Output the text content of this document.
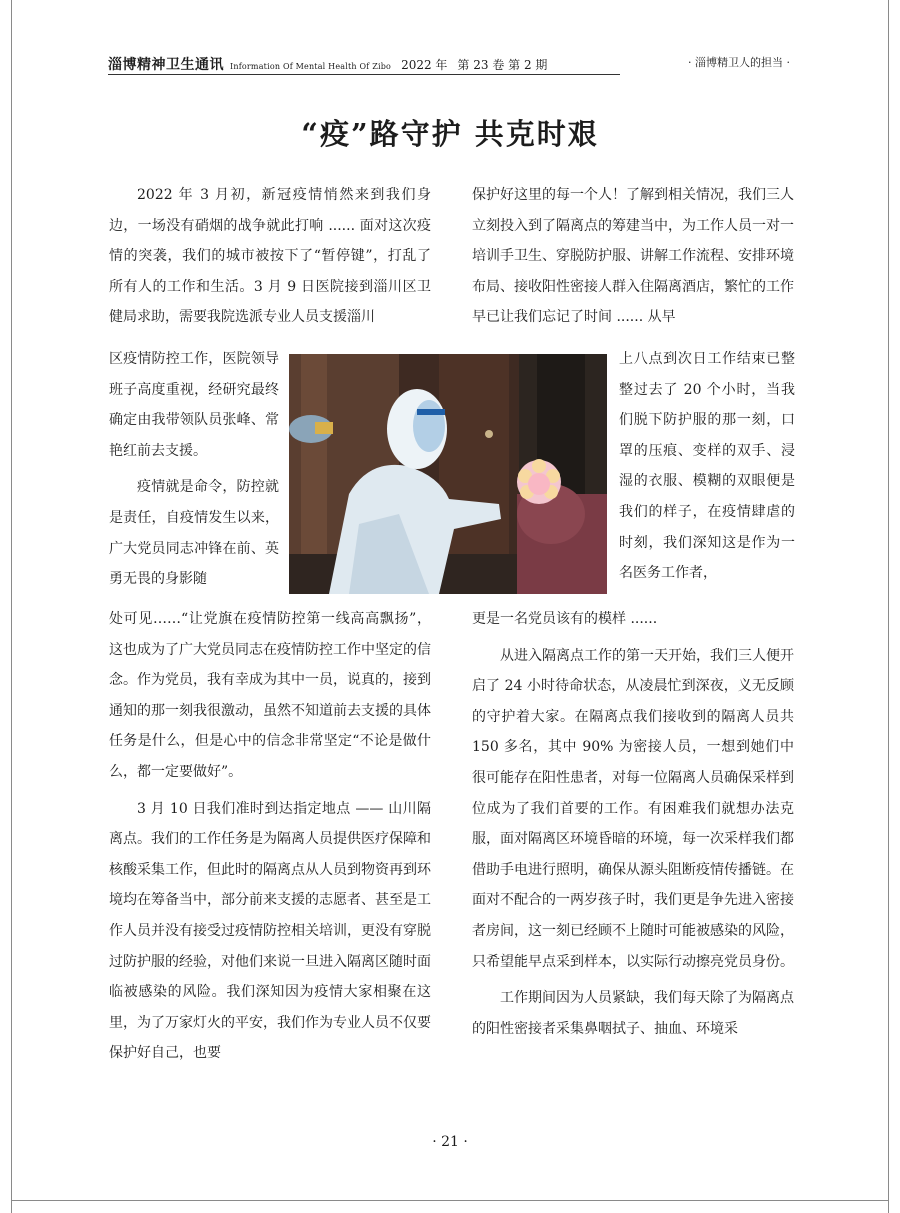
淄博精神卫生通讯 Information Of Mental Health Of Zibo 2022 年 第 23 卷 第 2 期	· 淄博精卫人的担当 ·
“疫”路守护 共克时艰

2022 年 3 月初，新冠疫情悄然来到我们身边，一场没有硝烟的战争就此打响 ...... 面对这次疫情的突袭，我们的城市被按下了“暂停键”，打乱了所有人的工作和生活。3 月 9 日医院接到淄川区卫健局求助，需要我院选派专业人员支援淄川

区疫情防控工作，医院领导班子高度重视，经研究最终确定由我带领队员张峰、常艳红前去支援。

疫情就是命令，防控就是责任，自疫情发生以来，广大党员同志冲锋在前、英勇无畏的身影随

处可见……“让党旗在疫情防控第一线高高飘扬”，这也成为了广大党员同志在疫情防控工作中坚定的信念。作为党员，我有幸成为其中一员，说真的，接到通知的那一刻我很激动，虽然不知道前去支援的具体任务是什么，但是心中的信念非常坚定“不论是做什么，都一定要做好”。

3 月 10 日我们准时到达指定地点 —— 山川隔离点。我们的工作任务是为隔离人员提供医疗保障和核酸采集工作，但此时的隔离点从人员到物资再到环境均在筹备当中，部分前来支援的志愿者、甚至是工作人员并没有接受过疫情防控相关培训，更没有穿脱过防护服的经验，对他们来说一旦进入隔离区随时面临被感染的风险。我们深知因为疫情大家相聚在这里，为了万家灯火的平安，我们作为专业人员不仅要保护好自己，也要

保护好这里的每一个人！了解到相关情况，我们三人立刻投入到了隔离点的筹建当中，为工作人员一对一培训手卫生、穿脱防护服、讲解工作流程、安排环境布局、接收阳性密接人群入住隔离酒店，繁忙的工作早已让我们忘记了时间 ...... 从早

上八点到次日工作结束已整整过去了 20 个小时，当我们脱下防护服的那一刻，口罩的压痕、变样的双手、浸湿的衣服、模糊的双眼便是我们的样子，在疫情肆虐的时刻，我们深知这是作为一名医务工作者，

更是一名党员该有的模样 ......

从进入隔离点工作的第一天开始，我们三人便开启了 24 小时待命状态，从凌晨忙到深夜，义无反顾的守护着大家。在隔离点我们接收到的隔离人员共 150 多名，其中 90% 为密接人员，一想到她们中很可能存在阳性患者，对每一位隔离人员确保采样到位成为了我们首要的工作。有困难我们就想办法克服，面对隔离区环境昏暗的环境，每一次采样我们都借助手电进行照明，确保从源头阻断疫情传播链。在面对不配合的一两岁孩子时，我们更是争先进入密接者房间，这一刻已经顾不上随时可能被感染的风险，只希望能早点采到样本，以实际行动擦亮党员身份。

工作期间因为人员紧缺，我们每天除了为隔离点的阳性密接者采集鼻咽拭子、抽血、环境采

· 21 ·
